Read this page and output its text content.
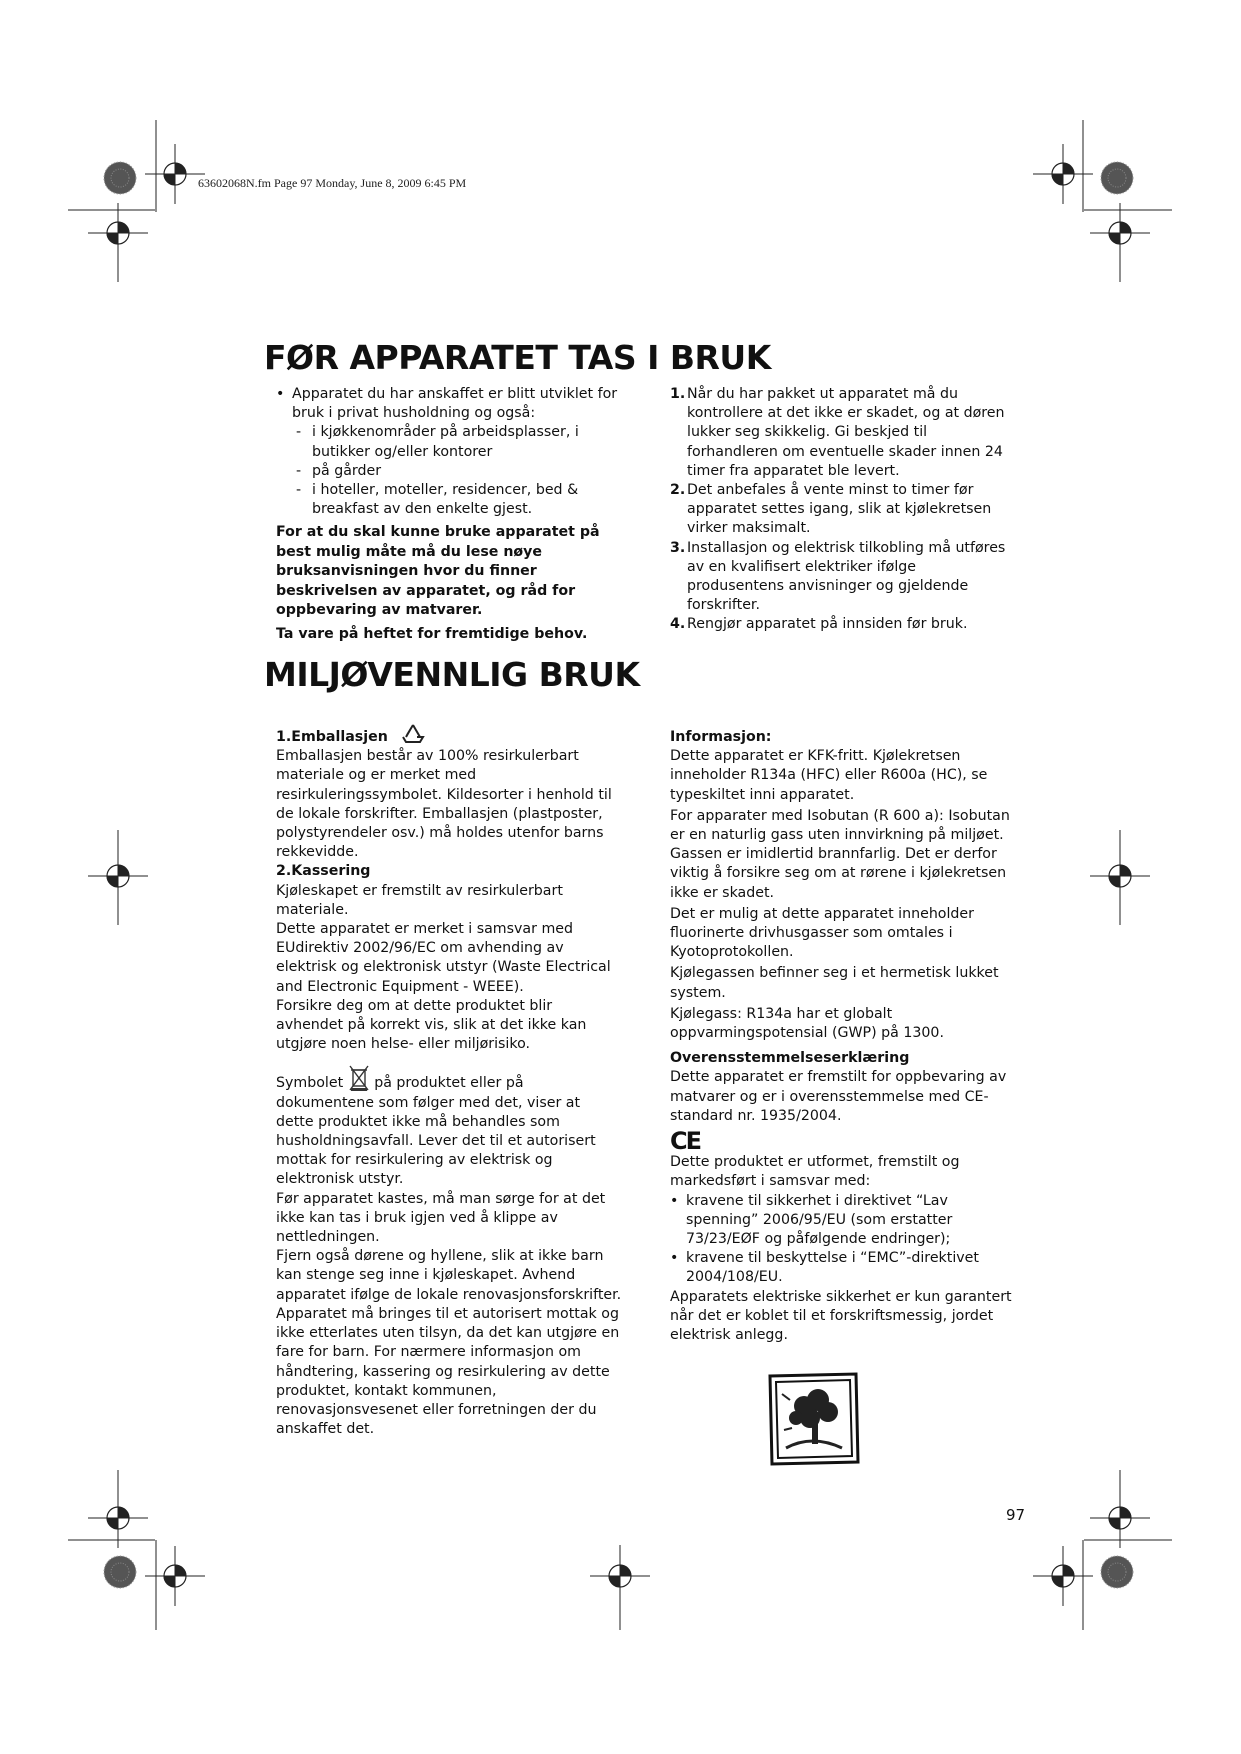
63602068N.fm Page 97 Monday, June 8, 2009 6:45 PM
FØR APPARATET TAS I BRUK
• Apparatet du har anskaffet er blitt utviklet for bruk i privat husholdning og også:
- i kjøkkenområder på arbeidsplasser, i butikker og/eller kontorer
- på gårder
- i hoteller, moteller, residencer, bed & breakfast av den enkelte gjest.

For at du skal kunne bruke apparatet på best mulig måte må du lese nøye bruksanvisningen hvor du finner beskrivelsen av apparatet, og råd for oppbevaring av matvarer.

Ta vare på heftet for fremtidige behov.

1. Når du har pakket ut apparatet må du kontrollere at det ikke er skadet, og at døren lukker seg skikkelig. Gi beskjed til forhandleren om eventuelle skader innen 24 timer fra apparatet ble levert.
2. Det anbefales å vente minst to timer før apparatet settes igang, slik at kjølekretsen virker maksimalt.
3. Installasjon og elektrisk tilkobling må utføres av en kvalifisert elektriker ifølge produsentens anvisninger og gjeldende forskrifter.
4. Rengjør apparatet på innsiden før bruk.
MILJØVENNLIG BRUK

1.Emballasjen

Emballasjen består av 100% resirkulerbart materiale og er merket med resirkuleringssymbolet. Kildesorter i henhold til de lokale forskrifter. Emballasjen (plastposter, polystyrendeler osv.) må holdes utenfor barns rekkevidde.

2.Kassering

Kjøleskapet er fremstilt av resirkulerbart materiale.

Dette apparatet er merket i samsvar med EUdirektiv 2002/96/EC om avhending av elektrisk og elektronisk utstyr (Waste Electrical and Electronic Equipment - WEEE).

Forsikre deg om at dette produktet blir avhendet på korrekt vis, slik at det ikke kan utgjøre noen helse- eller miljørisiko.

Symbolet på produktet eller på dokumentene som følger med det, viser at dette produktet ikke må behandles som husholdningsavfall. Lever det til et autorisert mottak for resirkulering av elektrisk og elektronisk utstyr.

Før apparatet kastes, må man sørge for at det ikke kan tas i bruk igjen ved å klippe av nettledningen.

Fjern også dørene og hyllene, slik at ikke barn kan stenge seg inne i kjøleskapet. Avhend apparatet ifølge de lokale renovasjonsforskrifter. Apparatet må bringes til et autorisert mottak og ikke etterlates uten tilsyn, da det kan utgjøre en fare for barn. For nærmere informasjon om håndtering, kassering og resirkulering av dette produktet, kontakt kommunen, renovasjonsvesenet eller forretningen der du anskaffet det.

Informasjon:

Dette apparatet er KFK-fritt. Kjølekretsen inneholder R134a (HFC) eller R600a (HC), se typeskiltet inni apparatet.

For apparater med Isobutan (R 600 a): Isobutan er en naturlig gass uten innvirkning på miljøet. Gassen er imidlertid brannfarlig. Det er derfor viktig å forsikre seg om at rørene i kjølekretsen ikke er skadet.

Det er mulig at dette apparatet inneholder fluorinerte drivhusgasser som omtales i Kyotoprotokollen.

Kjølegassen befinner seg i et hermetisk lukket system.

Kjølegass: R134a har et globalt oppvarmingspotensial (GWP) på 1300.

Overensstemmelseserklæring

Dette apparatet er fremstilt for oppbevaring av matvarer og er i overensstemmelse med CE-standard nr. 1935/2004.

CE

Dette produktet er utformet, fremstilt og markedsført i samsvar med:

• kravene til sikkerhet i direktivet “Lav spenning” 2006/95/EU (som erstatter 73/23/EØF og påfølgende endringer);
• kravene til beskyttelse i “EMC”-direktivet 2004/108/EU.

Apparatets elektriske sikkerhet er kun garantert når det er koblet til et forskriftsmessig, jordet elektrisk anlegg.

97
